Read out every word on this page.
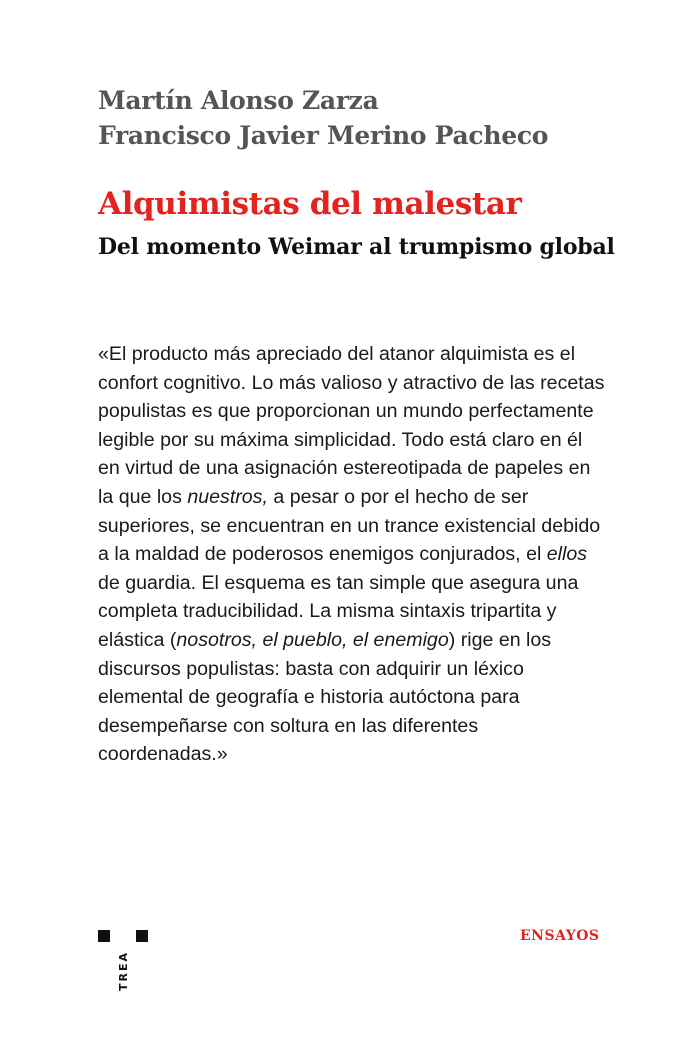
Martín Alonso Zarza
Francisco Javier Merino Pacheco
Alquimistas del malestar
Del momento Weimar al trumpismo global

«El producto más apreciado del atanor alquimista es el confort cognitivo. Lo más valioso y atractivo de las recetas populistas es que proporcionan un mundo perfectamente legible por su máxima simplicidad. Todo está claro en él en virtud de una asignación estereotipada de papeles en la que los nuestros, a pesar o por el hecho de ser superiores, se encuentran en un trance existencial debido a la maldad de poderosos enemigos conjurados, el ellos de guardia. El esquema es tan simple que asegura una completa traducibilidad. La misma sintaxis tripartita y elástica (nosotros, el pueblo, el enemigo) rige en los discursos populistas: basta con adquirir un léxico elemental de geografía e historia autóctona para desempeñarse con soltura en las diferentes coordenadas.»

TREA
ENSAYOS
